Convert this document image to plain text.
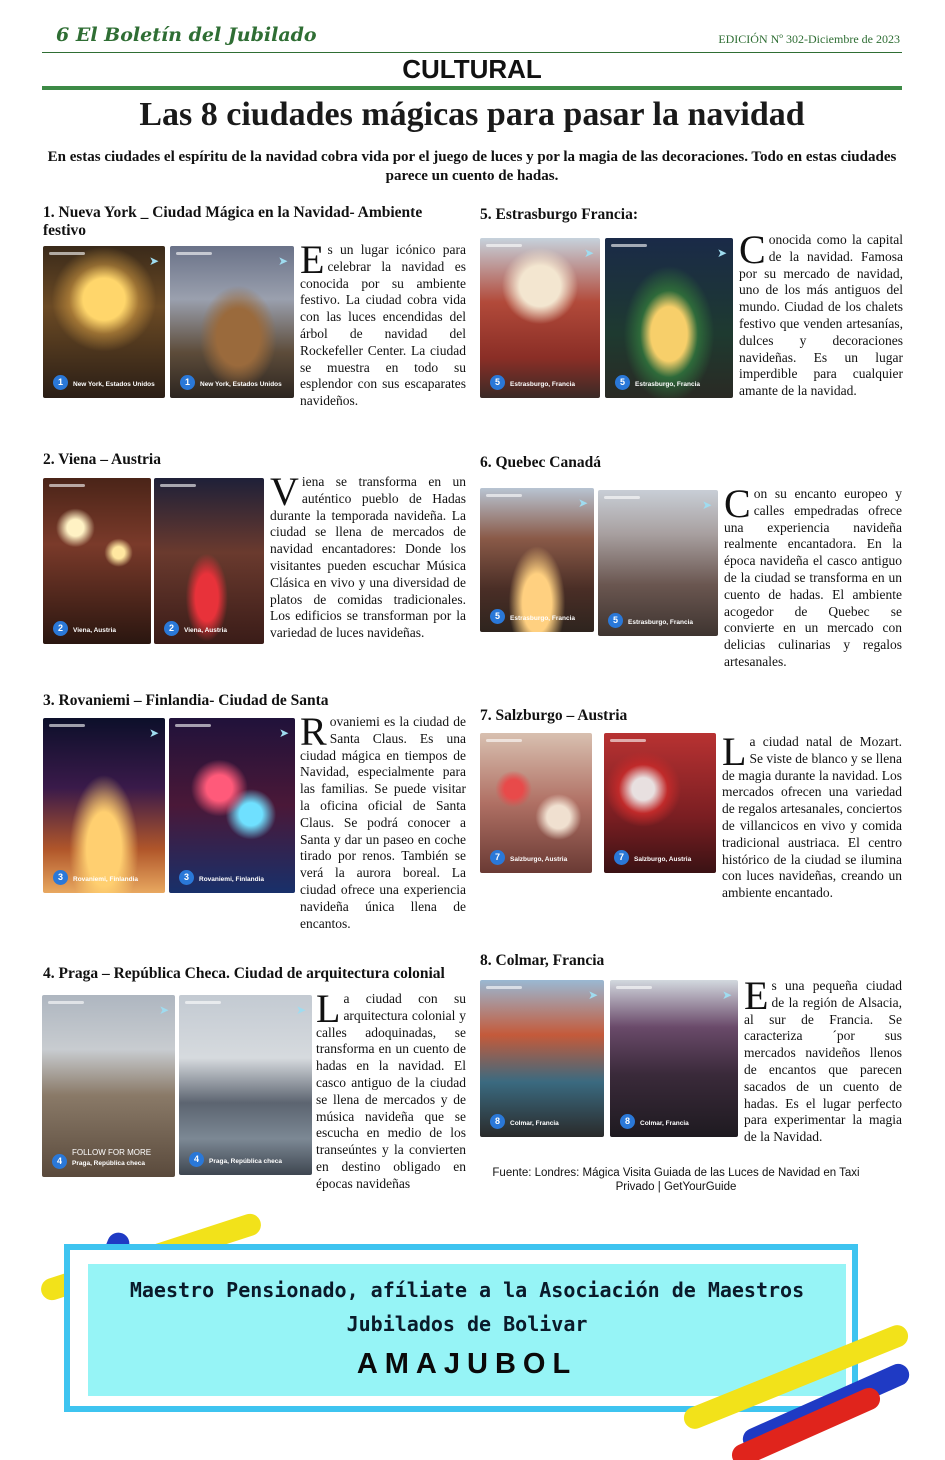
6 El Boletín del Jubilado	EDICIÓN Nº 302-Diciembre de 2023
CULTURAL
Las 8 ciudades mágicas para pasar la navidad

En estas ciudades el espíritu de la navidad cobra vida por el juego de luces y por la magia de las decoraciones. Todo en estas ciudades parece un cuento de hadas.

1. Nueva York _ Ciudad Mágica en la Navidad- Ambiente festivo
➤
1	New York, Estados Unidos
➤
1	New York, Estados Unidos
Es un lugar icónico para celebrar la navidad es conocida por su ambiente festivo. La ciudad cobra vida con las luces encendidas del árbol de navidad del Rockefeller Center. La ciudad se muestra en todo su esplendor con sus escaparates navideños.
2. Viena – Austria
2	Viena, Austria	2	Viena, Austria
Viena se transforma en un auténtico pueblo de Hadas durante la temporada navideña. La ciudad se llena de mercados de navidad encantadores: Donde los visitantes pueden escuchar Música Clásica en vivo y una diversidad de platos de comidas tradicionales. Los edificios se transforman por la variedad de luces navideñas.
3. Rovaniemi – Finlandia- Ciudad de Santa
➤
3	Rovaniemi, Finlandia
➤
3	Rovaniemi, Finlandia
Rovaniemi es la ciudad de Santa Claus. Es una ciudad mágica en tiempos de Navidad, especialmente para las familias. Se puede visitar la oficina oficial de Santa Claus. Se podrá conocer a Santa y dar un paseo en coche tirado por renos. También se verá la aurora boreal. La ciudad ofrece una experiencia navideña única llena de encantos.
4. Praga – República Checa. Ciudad de arquitectura colonial
➤
FOLLOW FOR MORE
4	Praga, República checa
➤
4	Praga, República checa
La ciudad con su arquitectura colonial y calles adoquinadas, se transforma en un cuento de hadas en la navidad. El casco antiguo de la ciudad se llena de mercados y de música navideña que se escucha en medio de los transeúntes y la convierten en destino obligado en épocas navideñas
5. Estrasburgo Francia:
➤
5	Estrasburgo, Francia
➤
5	Estrasburgo, Francia
Conocida como la capital de la navidad. Famosa por su mercado de navidad, uno de los más antiguos del mundo. Ciudad de los chalets festivo que venden artesanías, dulces y decoraciones navideñas. Es un lugar imperdible para cualquier amante de la navidad.
6. Quebec Canadá
➤
5	Estrasburgo, Francia
➤
5	Estrasburgo, Francia
Con su encanto europeo y calles empedradas ofrece una experiencia navideña realmente encantadora. En la época navideña el casco antiguo de la ciudad se transforma en un cuento de hadas. El ambiente acogedor de Quebec se convierte en un mercado con delicias culinarias y regalos artesanales.
7. Salzburgo – Austria
7	Salzburgo, Austria	7	Salzburgo, Austria
La ciudad natal de Mozart. Se viste de blanco y se llena de magia durante la navidad. Los mercados ofrecen una variedad de regalos artesanales, conciertos de villancicos en vivo y comida tradicional austriaca. El centro histórico de la ciudad se ilumina con luces navideñas, creando un ambiente encantado.
8. Colmar, Francia
➤
8	Colmar, Francia
➤
8	Colmar, Francia
Es una pequeña ciudad de la región de Alsacia, al sur de Francia. Se caracteriza ´por sus mercados navideños llenos de encantos que parecen sacados de un cuento de hadas. Es el lugar perfecto para experimentar la magia de la Navidad.
Fuente: Londres: Mágica Visita Guiada de las Luces de Navidad en Taxi Privado | GetYourGuide
Maestro Pensionado, afíliate a la Asociación de Maestros
Jubilados de Bolivar
AMAJUBOL
